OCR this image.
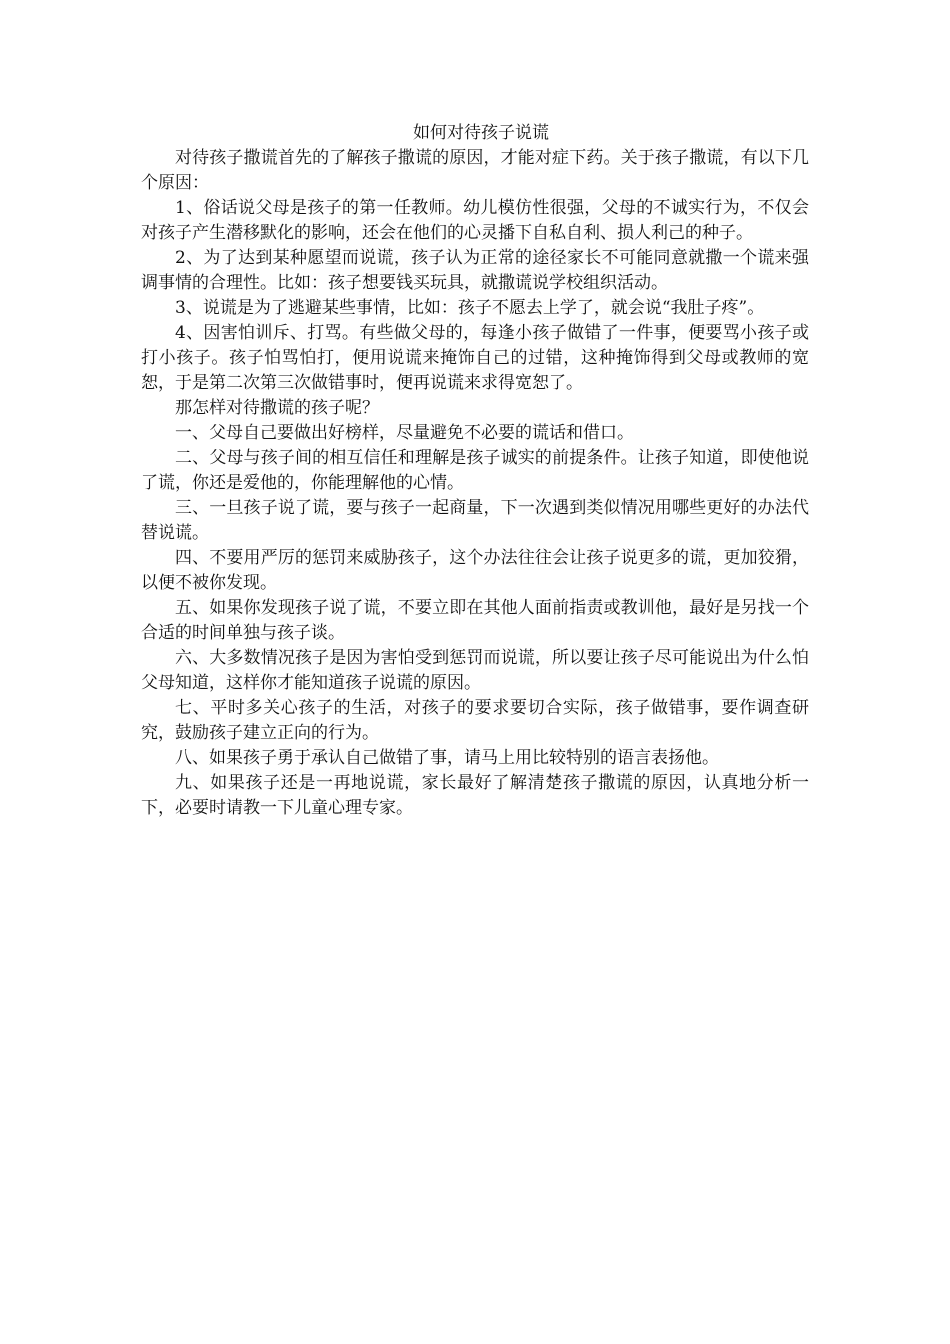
如何对待孩子说谎

对待孩子撒谎首先的了解孩子撒谎的原因，才能对症下药。关于孩子撒谎，有以下几个原因：

1、俗话说父母是孩子的第一任教师。幼儿模仿性很强，父母的不诚实行为，不仅会对孩子产生潜移默化的影响，还会在他们的心灵播下自私自利、损人利己的种子。

2、为了达到某种愿望而说谎，孩子认为正常的途径家长不可能同意就撒一个谎来强调事情的合理性。比如：孩子想要钱买玩具，就撒谎说学校组织活动。

3、说谎是为了逃避某些事情，比如：孩子不愿去上学了，就会说“我肚子疼”。

4、因害怕训斥、打骂。有些做父母的，每逢小孩子做错了一件事，便要骂小孩子或打小孩子。孩子怕骂怕打，便用说谎来掩饰自己的过错，这种掩饰得到父母或教师的宽恕，于是第二次第三次做错事时，便再说谎来求得宽恕了。

那怎样对待撒谎的孩子呢？

一、父母自己要做出好榜样，尽量避免不必要的谎话和借口。

二、父母与孩子间的相互信任和理解是孩子诚实的前提条件。让孩子知道，即使他说了谎，你还是爱他的，你能理解他的心情。

三、一旦孩子说了谎，要与孩子一起商量，下一次遇到类似情况用哪些更好的办法代替说谎。

四、不要用严厉的惩罚来威胁孩子，这个办法往往会让孩子说更多的谎，更加狡猾，以便不被你发现。

五、如果你发现孩子说了谎，不要立即在其他人面前指责或教训他，最好是另找一个合适的时间单独与孩子谈。

六、大多数情况孩子是因为害怕受到惩罚而说谎，所以要让孩子尽可能说出为什么怕父母知道，这样你才能知道孩子说谎的原因。

七、平时多关心孩子的生活，对孩子的要求要切合实际，孩子做错事，要作调查研究，鼓励孩子建立正向的行为。

八、如果孩子勇于承认自己做错了事，请马上用比较特别的语言表扬他。

九、如果孩子还是一再地说谎，家长最好了解清楚孩子撒谎的原因，认真地分析一下，必要时请教一下儿童心理专家。
